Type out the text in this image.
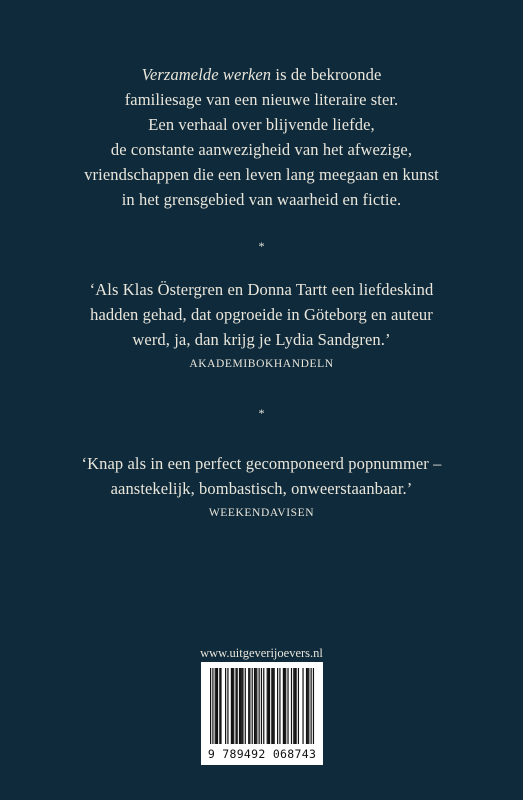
Verzamelde werken is de bekroonde
familiesage van een nieuwe literaire ster.
Een verhaal over blijvende liefde,
de constante aanwezigheid van het afwezige,
vriendschappen die een leven lang meegaan en kunst
in het grensgebied van waarheid en fictie.
*
‘Als Klas Östergren en Donna Tartt een liefdeskind
hadden gehad, dat opgroeide in Göteborg en auteur
werd, ja, dan krijg je Lydia Sandgren.’
AKADEMIBOKHANDELN
*
‘Knap als in een perfect gecomponeerd popnummer –
aanstekelijk, bombastisch, onweerstaanbaar.’
WEEKENDAVISEN
www.uitgeverijoevers.nl
9 789492 068743
